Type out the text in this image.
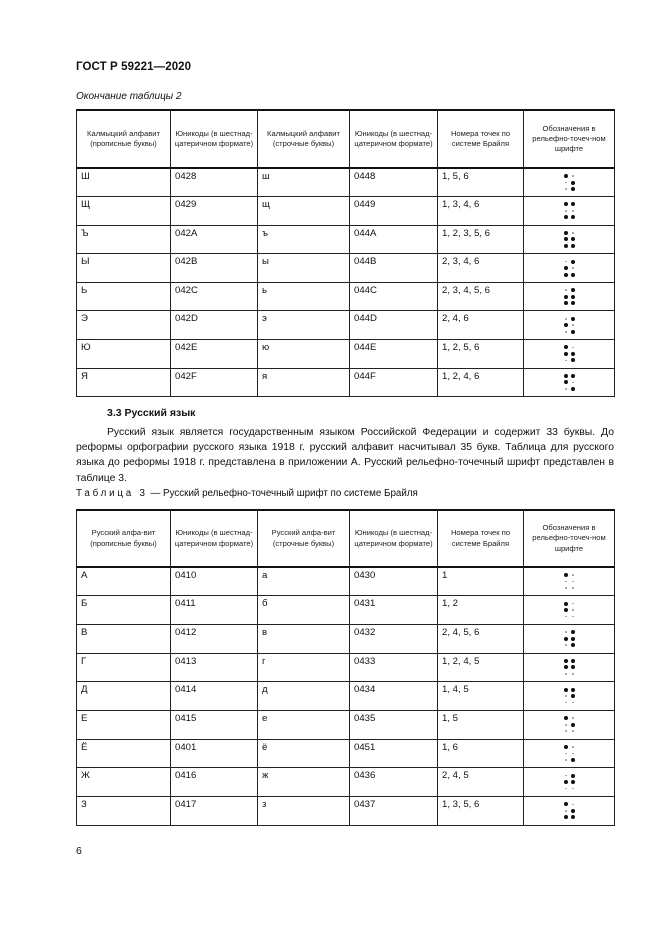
ГОСТ Р 59221—2020
Окончание таблицы 2
Калмыцкий алфавит (прописные буквы)	Юникоды (в шестнад-цатеричном формате)	Калмыцкий алфавит (строчные буквы)	Юникоды (в шестнад-цатеричном формате)	Номера точек по системе Брайля	Обозначения в рельефно-точеч-ном шрифте
Ш	0428	ш	0448	1, 5, 6	

Щ	0429	щ	0449	1, 3, 4, 6	

Ъ	042A	ъ	044A	1, 2, 3, 5, 6	

Ы	042B	ы	044B	2, 3, 4, 6	

Ь	042C	ь	044C	2, 3, 4, 5, 6	

Э	042D	э	044D	2, 4, 6	

Ю	042E	ю	044E	1, 2, 5, 6	

Я	042F	я	044F	1, 2, 4, 6	
3.3 Русский язык

Русский язык является государственным языком Российской Федерации и содержит 33 буквы. До реформы орфографии русского языка 1918 г. русский алфавит насчитывал 35 букв. Таблица для русского языка до реформы 1918 г. представлена в приложении А. Русский рельефно-точечный шрифт представлен в таблице 3.

Таблица 3 — Русский рельефно-точечный шрифт по системе Брайля
Русский алфа-вит (прописные буквы)	Юникоды (в шестнад-цатеричном формате)	Русский алфа-вит (строчные буквы)	Юникоды (в шестнад-цатеричном формате)	Номера точек по системе Брайля	Обозначения в рельефно-точеч-ном шрифте
А	0410	а	0430	1	

Б	0411	б	0431	1, 2	

В	0412	в	0432	2, 4, 5, 6	

Г	0413	г	0433	1, 2, 4, 5	

Д	0414	д	0434	1, 4, 5	

Е	0415	е	0435	1, 5	

Ё	0401	ё	0451	1, 6	

Ж	0416	ж	0436	2, 4, 5	

З	0417	з	0437	1, 3, 5, 6	
6
